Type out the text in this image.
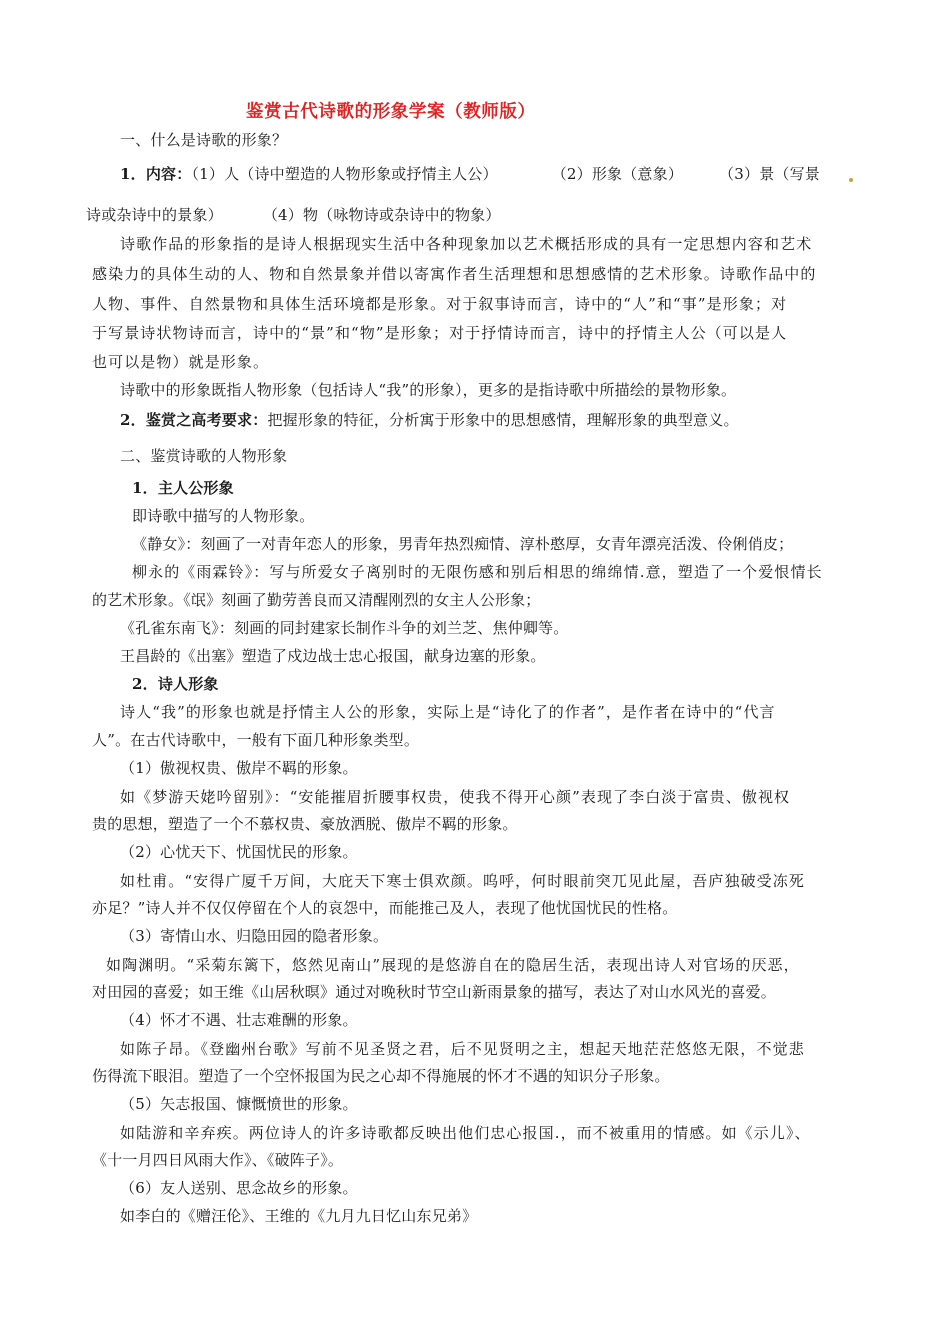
鉴赏古代诗歌的形象学案（教师版）
一、什么是诗歌的形象？
1．内容：（1）人（诗中塑造的人物形象或抒情主人公）	（2）形象（意象） （3）景（写景
诗或杂诗中的景象）	（4）物（咏物诗或杂诗中的物象）
诗歌作品的形象指的是诗人根据现实生活中各种现象加以艺术概括形成的具有一定思想内容和艺术
感染力的具体生动的人、物和自然景象并借以寄寓作者生活理想和思想感情的艺术形象。诗歌作品中的
人物、事件、自然景物和具体生活环境都是形象。对于叙事诗而言，诗中的“人”和“事”是形象；对
于写景诗状物诗而言，诗中的“景”和“物”是形象；对于抒情诗而言，诗中的抒情主人公（可以是人
也可以是物）就是形象。
诗歌中的形象既指人物形象（包括诗人“我”的形象），更多的是指诗歌中所描绘的景物形象。
2．鉴赏之高考要求：把握形象的特征，分析寓于形象中的思想感情，理解形象的典型意义。
二、鉴赏诗歌的人物形象
1．主人公形象
即诗歌中描写的人物形象。
《静女》：刻画了一对青年恋人的形象，男青年热烈痴情、淳朴憨厚，女青年漂亮活泼、伶俐俏皮；
柳永的《雨霖铃》：写与所爱女子离别时的无限伤感和别后相思的绵绵情.意，塑造了一个爱恨情长
的艺术形象。《氓》刻画了勤劳善良而又清醒刚烈的女主人公形象；
《孔雀东南飞》：刻画的同封建家长制作斗争的刘兰芝、焦仲卿等。
王昌龄的《出塞》塑造了戍边战士忠心报国，献身边塞的形象。
2．诗人形象
诗人“我”的形象也就是抒情主人公的形象，实际上是“诗化了的作者”，是作者在诗中的“代言
人”。在古代诗歌中，一般有下面几种形象类型。
（1）傲视权贵、傲岸不羁的形象。
如《梦游天姥吟留别》：“安能摧眉折腰事权贵，使我不得开心颜”表现了李白淡于富贵、傲视权
贵的思想，塑造了一个不慕权贵、豪放洒脱、傲岸不羁的形象。
（2）心忧天下、忧国忧民的形象。
如杜甫。“安得广厦千万间，大庇天下寒士俱欢颜。呜呼，何时眼前突兀见此屋，吾庐独破受冻死
亦足？”诗人并不仅仅停留在个人的哀怨中，而能推己及人，表现了他忧国忧民的性格。
（3）寄情山水、归隐田园的隐者形象。
如陶渊明。“采菊东篱下，悠然见南山”展现的是悠游自在的隐居生活，表现出诗人对官场的厌恶，
对田园的喜爱；如王维《山居秋暝》通过对晚秋时节空山新雨景象的描写，表达了对山水风光的喜爱。
（4）怀才不遇、壮志难酬的形象。
如陈子昂。《登幽州台歌》写前不见圣贤之君，后不见贤明之主，想起天地茫茫悠悠无限，不觉悲
伤得流下眼泪。塑造了一个空怀报国为民之心却不得施展的怀才不遇的知识分子形象。
（5）矢志报国、慷慨愤世的形象。
如陆游和辛弃疾。两位诗人的许多诗歌都反映出他们忠心报国.，而不被重用的情感。如《示儿》、
《十一月四日风雨大作》、《破阵子》。
（6）友人送别、思念故乡的形象。
如李白的《赠汪伦》、王维的《九月九日忆山东兄弟》
